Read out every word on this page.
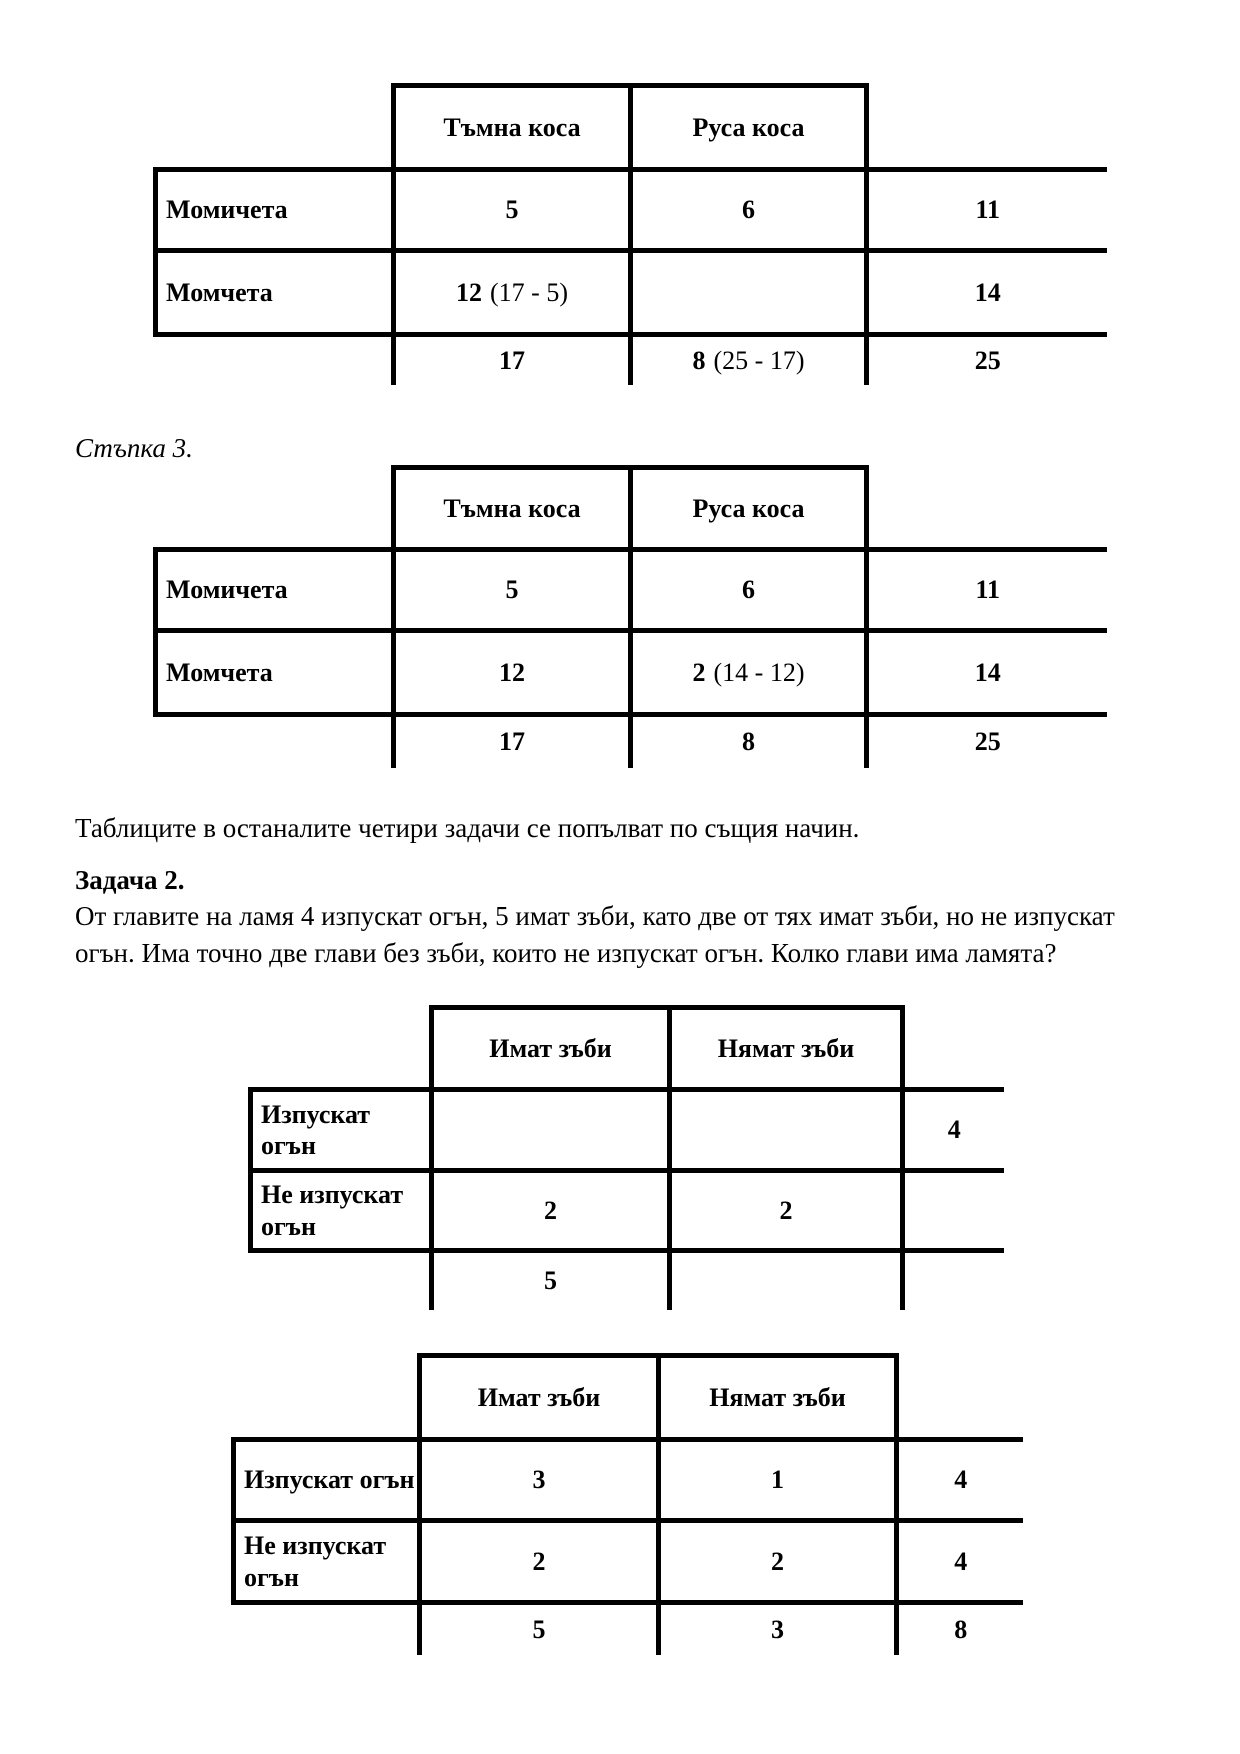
	Тъмна коса	Руса коса	
Момичета	5	6	11
Момчета	12 (17 - 5)		14
	17	8 (25 - 17)	25
Стъпка 3.
	Тъмна коса	Руса коса	
Момичета	5	6	11
Момчета	12	2 (14 - 12)	14
	17	8	25
Таблиците в останалите четири задачи се попълват по същия начин.
Задача 2.
От главите на ламя 4 изпускат огън, 5 имат зъби, като две от тях имат зъби, но не изпускат
огън. Има точно две глави без зъби, които не изпускат огън. Колко глави има ламята?
	Имат зъби	Нямат зъби	
Изпускат огън			4
Не изпускат огън	2	2	
	5		
	Имат зъби	Нямат зъби	
Изпускат огън	3	1	4
Не изпускат огън	2	2	4
	5	3	8
